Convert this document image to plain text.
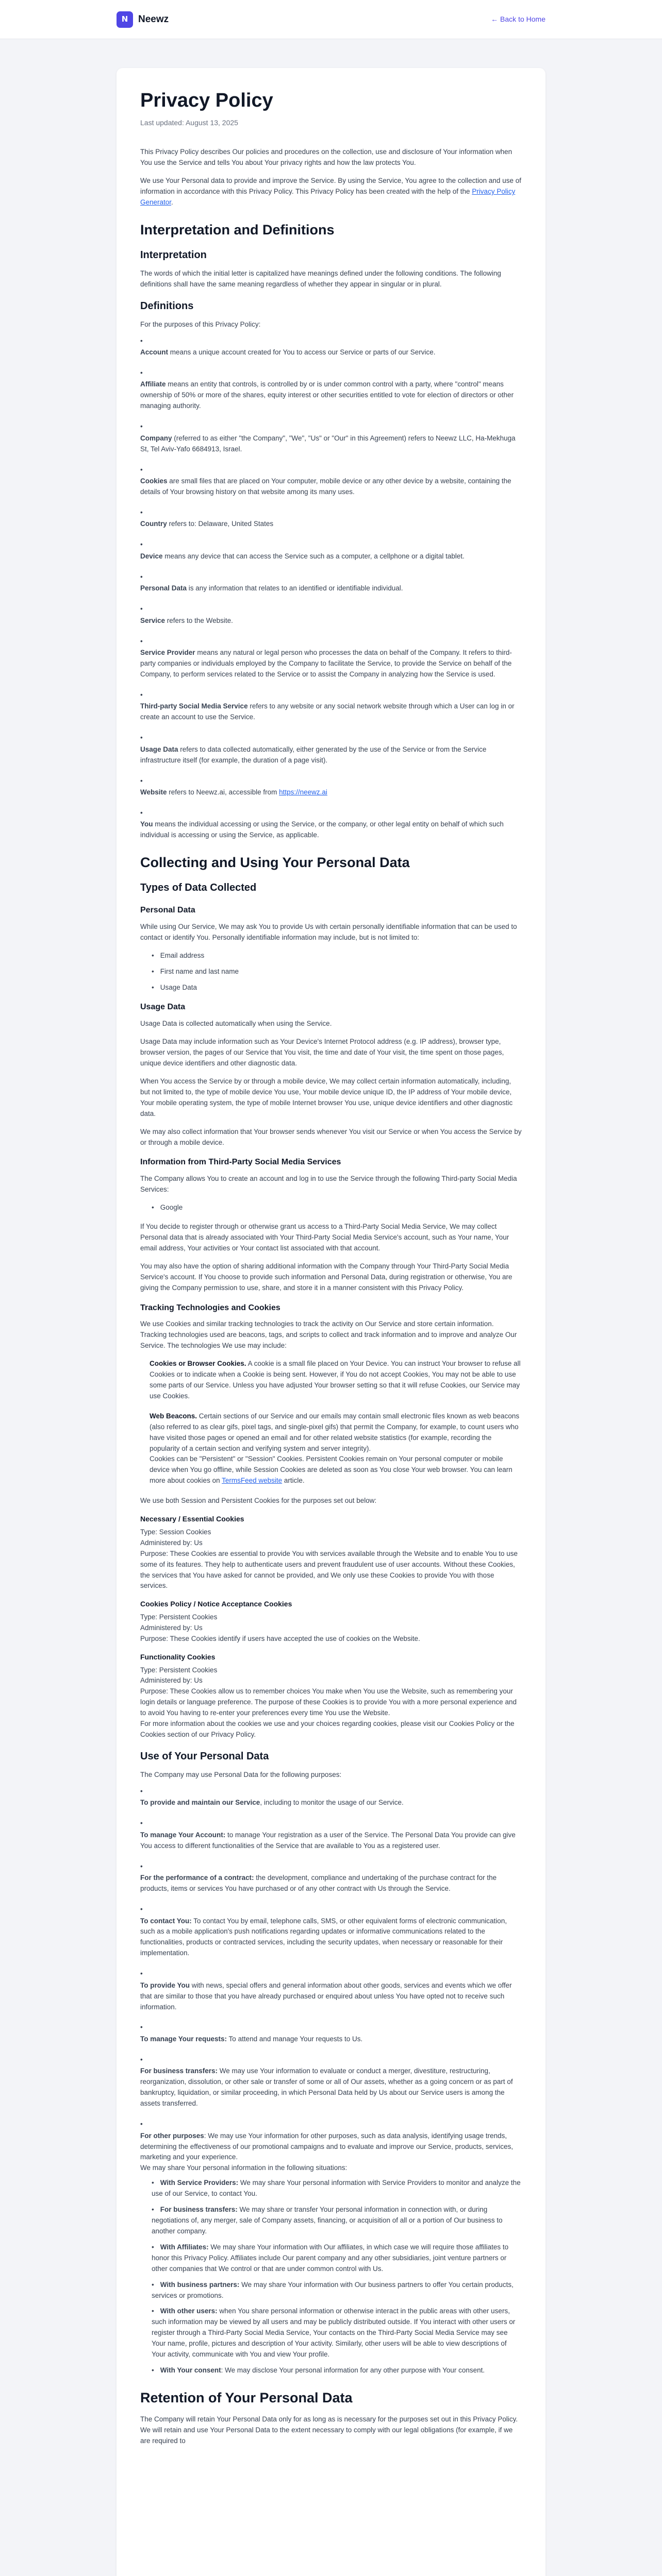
N	Neewz	← Back to Home
Privacy Policy
Last updated: August 13, 2025

This Privacy Policy describes Our policies and procedures on the collection, use and disclosure of Your information when You use the Service and tells You about Your privacy rights and how the law protects You.

We use Your Personal data to provide and improve the Service. By using the Service, You agree to the collection and use of information in accordance with this Privacy Policy. This Privacy Policy has been created with the help of the Privacy Policy Generator.

Interpretation and Definitions
Interpretation

The words of which the initial letter is capitalized have meanings defined under the following conditions. The following definitions shall have the same meaning regardless of whether they appear in singular or in plural.

Definitions

For the purposes of this Privacy Policy:

• Account means a unique account created for You to access our Service or parts of our Service.
• Affiliate means an entity that controls, is controlled by or is under common control with a party, where "control" means ownership of 50% or more of the shares, equity interest or other securities entitled to vote for election of directors or other managing authority.
• Company (referred to as either "the Company", "We", "Us" or "Our" in this Agreement) refers to Neewz LLC, Ha-Mekhuga St, Tel Aviv-Yafo 6684913, Israel.
• Cookies are small files that are placed on Your computer, mobile device or any other device by a website, containing the details of Your browsing history on that website among its many uses.
• Country refers to: Delaware, United States
• Device means any device that can access the Service such as a computer, a cellphone or a digital tablet.
• Personal Data is any information that relates to an identified or identifiable individual.
• Service refers to the Website.
• Service Provider means any natural or legal person who processes the data on behalf of the Company. It refers to third-party companies or individuals employed by the Company to facilitate the Service, to provide the Service on behalf of the Company, to perform services related to the Service or to assist the Company in analyzing how the Service is used.
• Third-party Social Media Service refers to any website or any social network website through which a User can log in or create an account to use the Service.
• Usage Data refers to data collected automatically, either generated by the use of the Service or from the Service infrastructure itself (for example, the duration of a page visit).
• Website refers to Neewz.ai, accessible from https://neewz.ai
• You means the individual accessing or using the Service, or the company, or other legal entity on behalf of which such individual is accessing or using the Service, as applicable.
Collecting and Using Your Personal Data
Types of Data Collected
Personal Data

While using Our Service, We may ask You to provide Us with certain personally identifiable information that can be used to contact or identify You. Personally identifiable information may include, but is not limited to:

• Email address
• First name and last name
• Usage Data
Usage Data

Usage Data is collected automatically when using the Service.

Usage Data may include information such as Your Device's Internet Protocol address (e.g. IP address), browser type, browser version, the pages of our Service that You visit, the time and date of Your visit, the time spent on those pages, unique device identifiers and other diagnostic data.

When You access the Service by or through a mobile device, We may collect certain information automatically, including, but not limited to, the type of mobile device You use, Your mobile device unique ID, the IP address of Your mobile device, Your mobile operating system, the type of mobile Internet browser You use, unique device identifiers and other diagnostic data.

We may also collect information that Your browser sends whenever You visit our Service or when You access the Service by or through a mobile device.

Information from Third-Party Social Media Services

The Company allows You to create an account and log in to use the Service through the following Third-party Social Media Services:

• Google

If You decide to register through or otherwise grant us access to a Third-Party Social Media Service, We may collect Personal data that is already associated with Your Third-Party Social Media Service's account, such as Your name, Your email address, Your activities or Your contact list associated with that account.

You may also have the option of sharing additional information with the Company through Your Third-Party Social Media Service's account. If You choose to provide such information and Personal Data, during registration or otherwise, You are giving the Company permission to use, share, and store it in a manner consistent with this Privacy Policy.

Tracking Technologies and Cookies

We use Cookies and similar tracking technologies to track the activity on Our Service and store certain information. Tracking technologies used are beacons, tags, and scripts to collect and track information and to improve and analyze Our Service. The technologies We use may include:

Cookies or Browser Cookies. A cookie is a small file placed on Your Device. You can instruct Your browser to refuse all Cookies or to indicate when a Cookie is being sent. However, if You do not accept Cookies, You may not be able to use some parts of our Service. Unless you have adjusted Your browser setting so that it will refuse Cookies, our Service may use Cookies.
Web Beacons. Certain sections of our Service and our emails may contain small electronic files known as web beacons (also referred to as clear gifs, pixel tags, and single-pixel gifs) that permit the Company, for example, to count users who have visited those pages or opened an email and for other related website statistics (for example, recording the popularity of a certain section and verifying system and server integrity).
Cookies can be "Persistent" or "Session" Cookies. Persistent Cookies remain on Your personal computer or mobile device when You go offline, while Session Cookies are deleted as soon as You close Your web browser. You can learn more about cookies on TermsFeed website article.

We use both Session and Persistent Cookies for the purposes set out below:

Necessary / Essential Cookies
Type: Session Cookies
Administered by: Us
Purpose: These Cookies are essential to provide You with services available through the Website and to enable You to use some of its features. They help to authenticate users and prevent fraudulent use of user accounts. Without these Cookies, the services that You have asked for cannot be provided, and We only use these Cookies to provide You with those services.
Cookies Policy / Notice Acceptance Cookies
Type: Persistent Cookies
Administered by: Us
Purpose: These Cookies identify if users have accepted the use of cookies on the Website.
Functionality Cookies
Type: Persistent Cookies
Administered by: Us
Purpose: These Cookies allow us to remember choices You make when You use the Website, such as remembering your login details or language preference. The purpose of these Cookies is to provide You with a more personal experience and to avoid You having to re-enter your preferences every time You use the Website.
For more information about the cookies we use and your choices regarding cookies, please visit our Cookies Policy or the Cookies section of our Privacy Policy.
Use of Your Personal Data

The Company may use Personal Data for the following purposes:

• To provide and maintain our Service, including to monitor the usage of our Service.
• To manage Your Account: to manage Your registration as a user of the Service. The Personal Data You provide can give You access to different functionalities of the Service that are available to You as a registered user.
• For the performance of a contract: the development, compliance and undertaking of the purchase contract for the products, items or services You have purchased or of any other contract with Us through the Service.
• To contact You: To contact You by email, telephone calls, SMS, or other equivalent forms of electronic communication, such as a mobile application's push notifications regarding updates or informative communications related to the functionalities, products or contracted services, including the security updates, when necessary or reasonable for their implementation.
• To provide You with news, special offers and general information about other goods, services and events which we offer that are similar to those that you have already purchased or enquired about unless You have opted not to receive such information.
• To manage Your requests: To attend and manage Your requests to Us.
• For business transfers: We may use Your information to evaluate or conduct a merger, divestiture, restructuring, reorganization, dissolution, or other sale or transfer of some or all of Our assets, whether as a going concern or as part of bankruptcy, liquidation, or similar proceeding, in which Personal Data held by Us about our Service users is among the assets transferred.
• For other purposes: We may use Your information for other purposes, such as data analysis, identifying usage trends, determining the effectiveness of our promotional campaigns and to evaluate and improve our Service, products, services, marketing and your experience.
We may share Your personal information in the following situations:
• With Service Providers: We may share Your personal information with Service Providers to monitor and analyze the use of our Service, to contact You.
• For business transfers: We may share or transfer Your personal information in connection with, or during negotiations of, any merger, sale of Company assets, financing, or acquisition of all or a portion of Our business to another company.
• With Affiliates: We may share Your information with Our affiliates, in which case we will require those affiliates to honor this Privacy Policy. Affiliates include Our parent company and any other subsidiaries, joint venture partners or other companies that We control or that are under common control with Us.
• With business partners: We may share Your information with Our business partners to offer You certain products, services or promotions.
• With other users: when You share personal information or otherwise interact in the public areas with other users, such information may be viewed by all users and may be publicly distributed outside. If You interact with other users or register through a Third-Party Social Media Service, Your contacts on the Third-Party Social Media Service may see Your name, profile, pictures and description of Your activity. Similarly, other users will be able to view descriptions of Your activity, communicate with You and view Your profile.
• With Your consent: We may disclose Your personal information for any other purpose with Your consent.
Retention of Your Personal Data

The Company will retain Your Personal Data only for as long as is necessary for the purposes set out in this Privacy Policy. We will retain and use Your Personal Data to the extent necessary to comply with our legal obligations (for example, if we are required to
